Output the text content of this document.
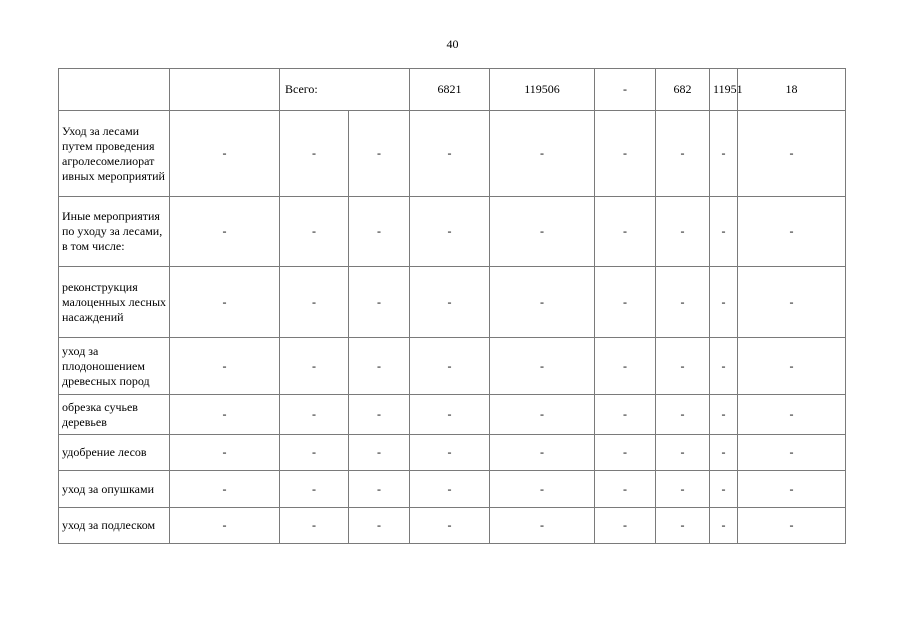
40
		Всего:		6821	119506	-	682	11951	18
Уход за лесами путем проведения агролесомелиорат ивных мероприятий	-	-	-	-	-	-	-	-	-
Иные мероприятия по уходу за лесами, в том числе:	-	-	-	-	-	-	-	-	-
реконструкция малоценных лесных насаждений	-	-	-	-	-	-	-	-	-
уход за плодоношением древесных пород	-	-	-	-	-	-	-	-	-
обрезка сучьев деревьев	-	-	-	-	-	-	-	-	-
удобрение лесов	-	-	-	-	-	-	-	-	-
уход за опушками	-	-	-	-	-	-	-	-	-
уход за подлеском	-	-	-	-	-	-	-	-	-
